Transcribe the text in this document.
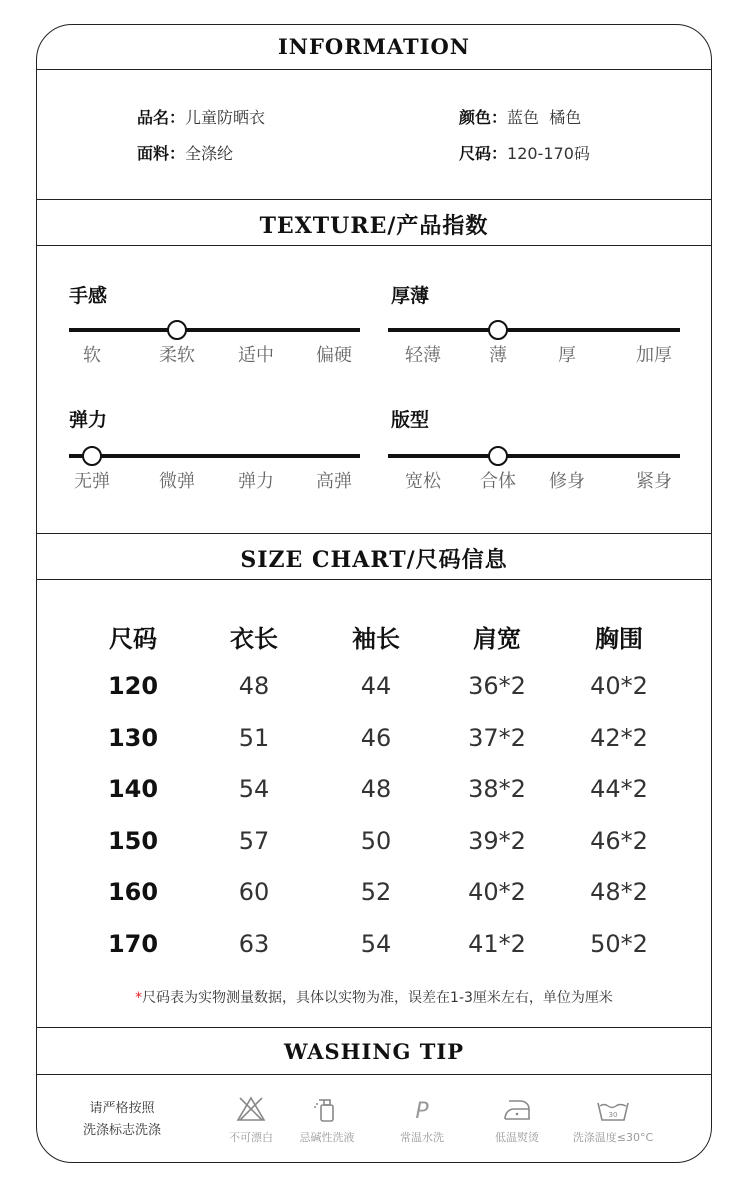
INFORMATION
品名：儿童防晒衣	颜色：蓝色  橘色
面料：全涤纶	尺码：120-170码
TEXTURE/产品指数
手感
软	柔软 适中 偏硬
厚薄
轻薄	薄	厚	加厚
弹力
无弹	微弹 弹力 高弹
版型
宽松 合体 修身	紧身
SIZE CHART/尺码信息
尺码	衣长	袖长	肩宽	胸围
120	48	44	36*2	40*2
130	51	46	37*2	42*2
140	54	48	38*2	44*2
150	57	50	39*2	46*2
160	60	52	40*2	48*2
170	63	54	41*2	50*2
*尺码表为实物测量数据，具体以实物为准，误差在1-3厘米左右，单位为厘米
WASHING TIP
请严格按照
洗涤标志洗涤	不可漂白	忌碱性洗液
P
常温水洗	低温熨烫
30
洗涤温度≤30°C
